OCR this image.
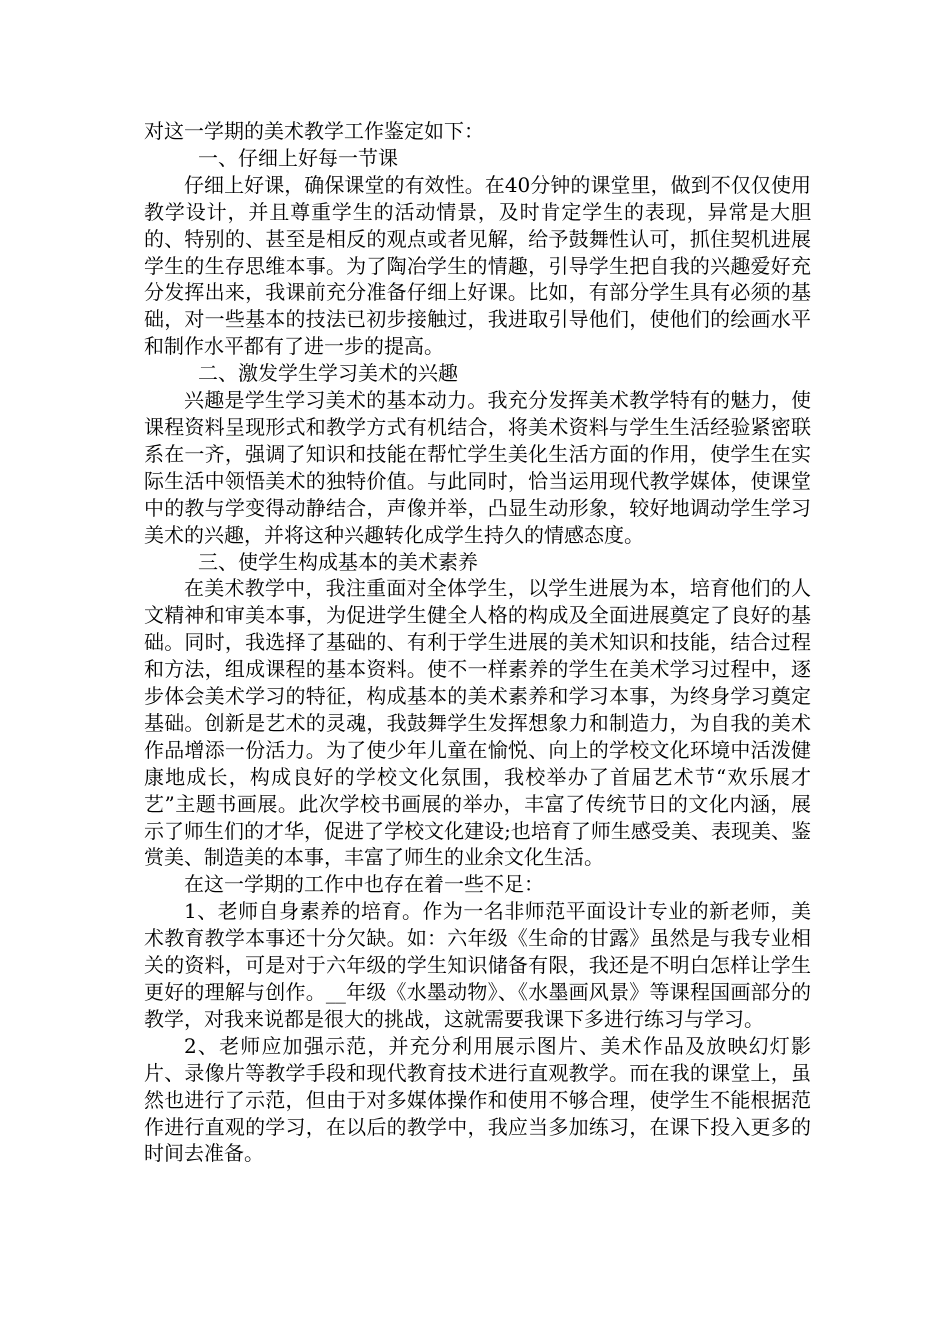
对这一学期的美术教学工作鉴定如下：

一、仔细上好每一节课

仔细上好课，确保课堂的有效性。在40分钟的课堂里，做到不仅仅使用教学设计，并且尊重学生的活动情景，及时肯定学生的表现，异常是大胆的、特别的、甚至是相反的观点或者见解，给予鼓舞性认可，抓住契机进展学生的生存思维本事。为了陶冶学生的情趣，引导学生把自我的兴趣爱好充分发挥出来，我课前充分准备仔细上好课。比如，有部分学生具有必须的基础，对一些基本的技法已初步接触过，我进取引导他们，使他们的绘画水平和制作水平都有了进一步的提高。

二、激发学生学习美术的兴趣

兴趣是学生学习美术的基本动力。我充分发挥美术教学特有的魅力，使课程资料呈现形式和教学方式有机结合，将美术资料与学生生活经验紧密联系在一齐，强调了知识和技能在帮忙学生美化生活方面的作用，使学生在实际生活中领悟美术的独特价值。与此同时，恰当运用现代教学媒体，使课堂中的教与学变得动静结合，声像并举，凸显生动形象，较好地调动学生学习美术的兴趣，并将这种兴趣转化成学生持久的情感态度。

三、使学生构成基本的美术素养

在美术教学中，我注重面对全体学生，以学生进展为本，培育他们的人文精神和审美本事，为促进学生健全人格的构成及全面进展奠定了良好的基础。同时，我选择了基础的、有利于学生进展的美术知识和技能，结合过程和方法，组成课程的基本资料。使不一样素养的学生在美术学习过程中，逐步体会美术学习的特征，构成基本的美术素养和学习本事，为终身学习奠定基础。创新是艺术的灵魂，我鼓舞学生发挥想象力和制造力，为自我的美术作品增添一份活力。为了使少年儿童在愉悦、向上的学校文化环境中活泼健康地成长，构成良好的学校文化氛围，我校举办了首届艺术节“欢乐展才艺”主题书画展。此次学校书画展的举办，丰富了传统节日的文化内涵，展示了师生们的才华，促进了学校文化建设;也培育了师生感受美、表现美、鉴赏美、制造美的本事，丰富了师生的业余文化生活。

在这一学期的工作中也存在着一些不足：

1、老师自身素养的培育。作为一名非师范平面设计专业的新老师，美术教育教学本事还十分欠缺。如：六年级《生命的甘露》虽然是与我专业相关的资料，可是对于六年级的学生知识储备有限，我还是不明白怎样让学生更好的理解与创作。__年级《水墨动物》、《水墨画风景》等课程国画部分的教学，对我来说都是很大的挑战，这就需要我课下多进行练习与学习。

2、老师应加强示范，并充分利用展示图片、美术作品及放映幻灯影片、录像片等教学手段和现代教育技术进行直观教学。而在我的课堂上，虽然也进行了示范，但由于对多媒体操作和使用不够合理，使学生不能根据范作进行直观的学习，在以后的教学中，我应当多加练习，在课下投入更多的时间去准备。
